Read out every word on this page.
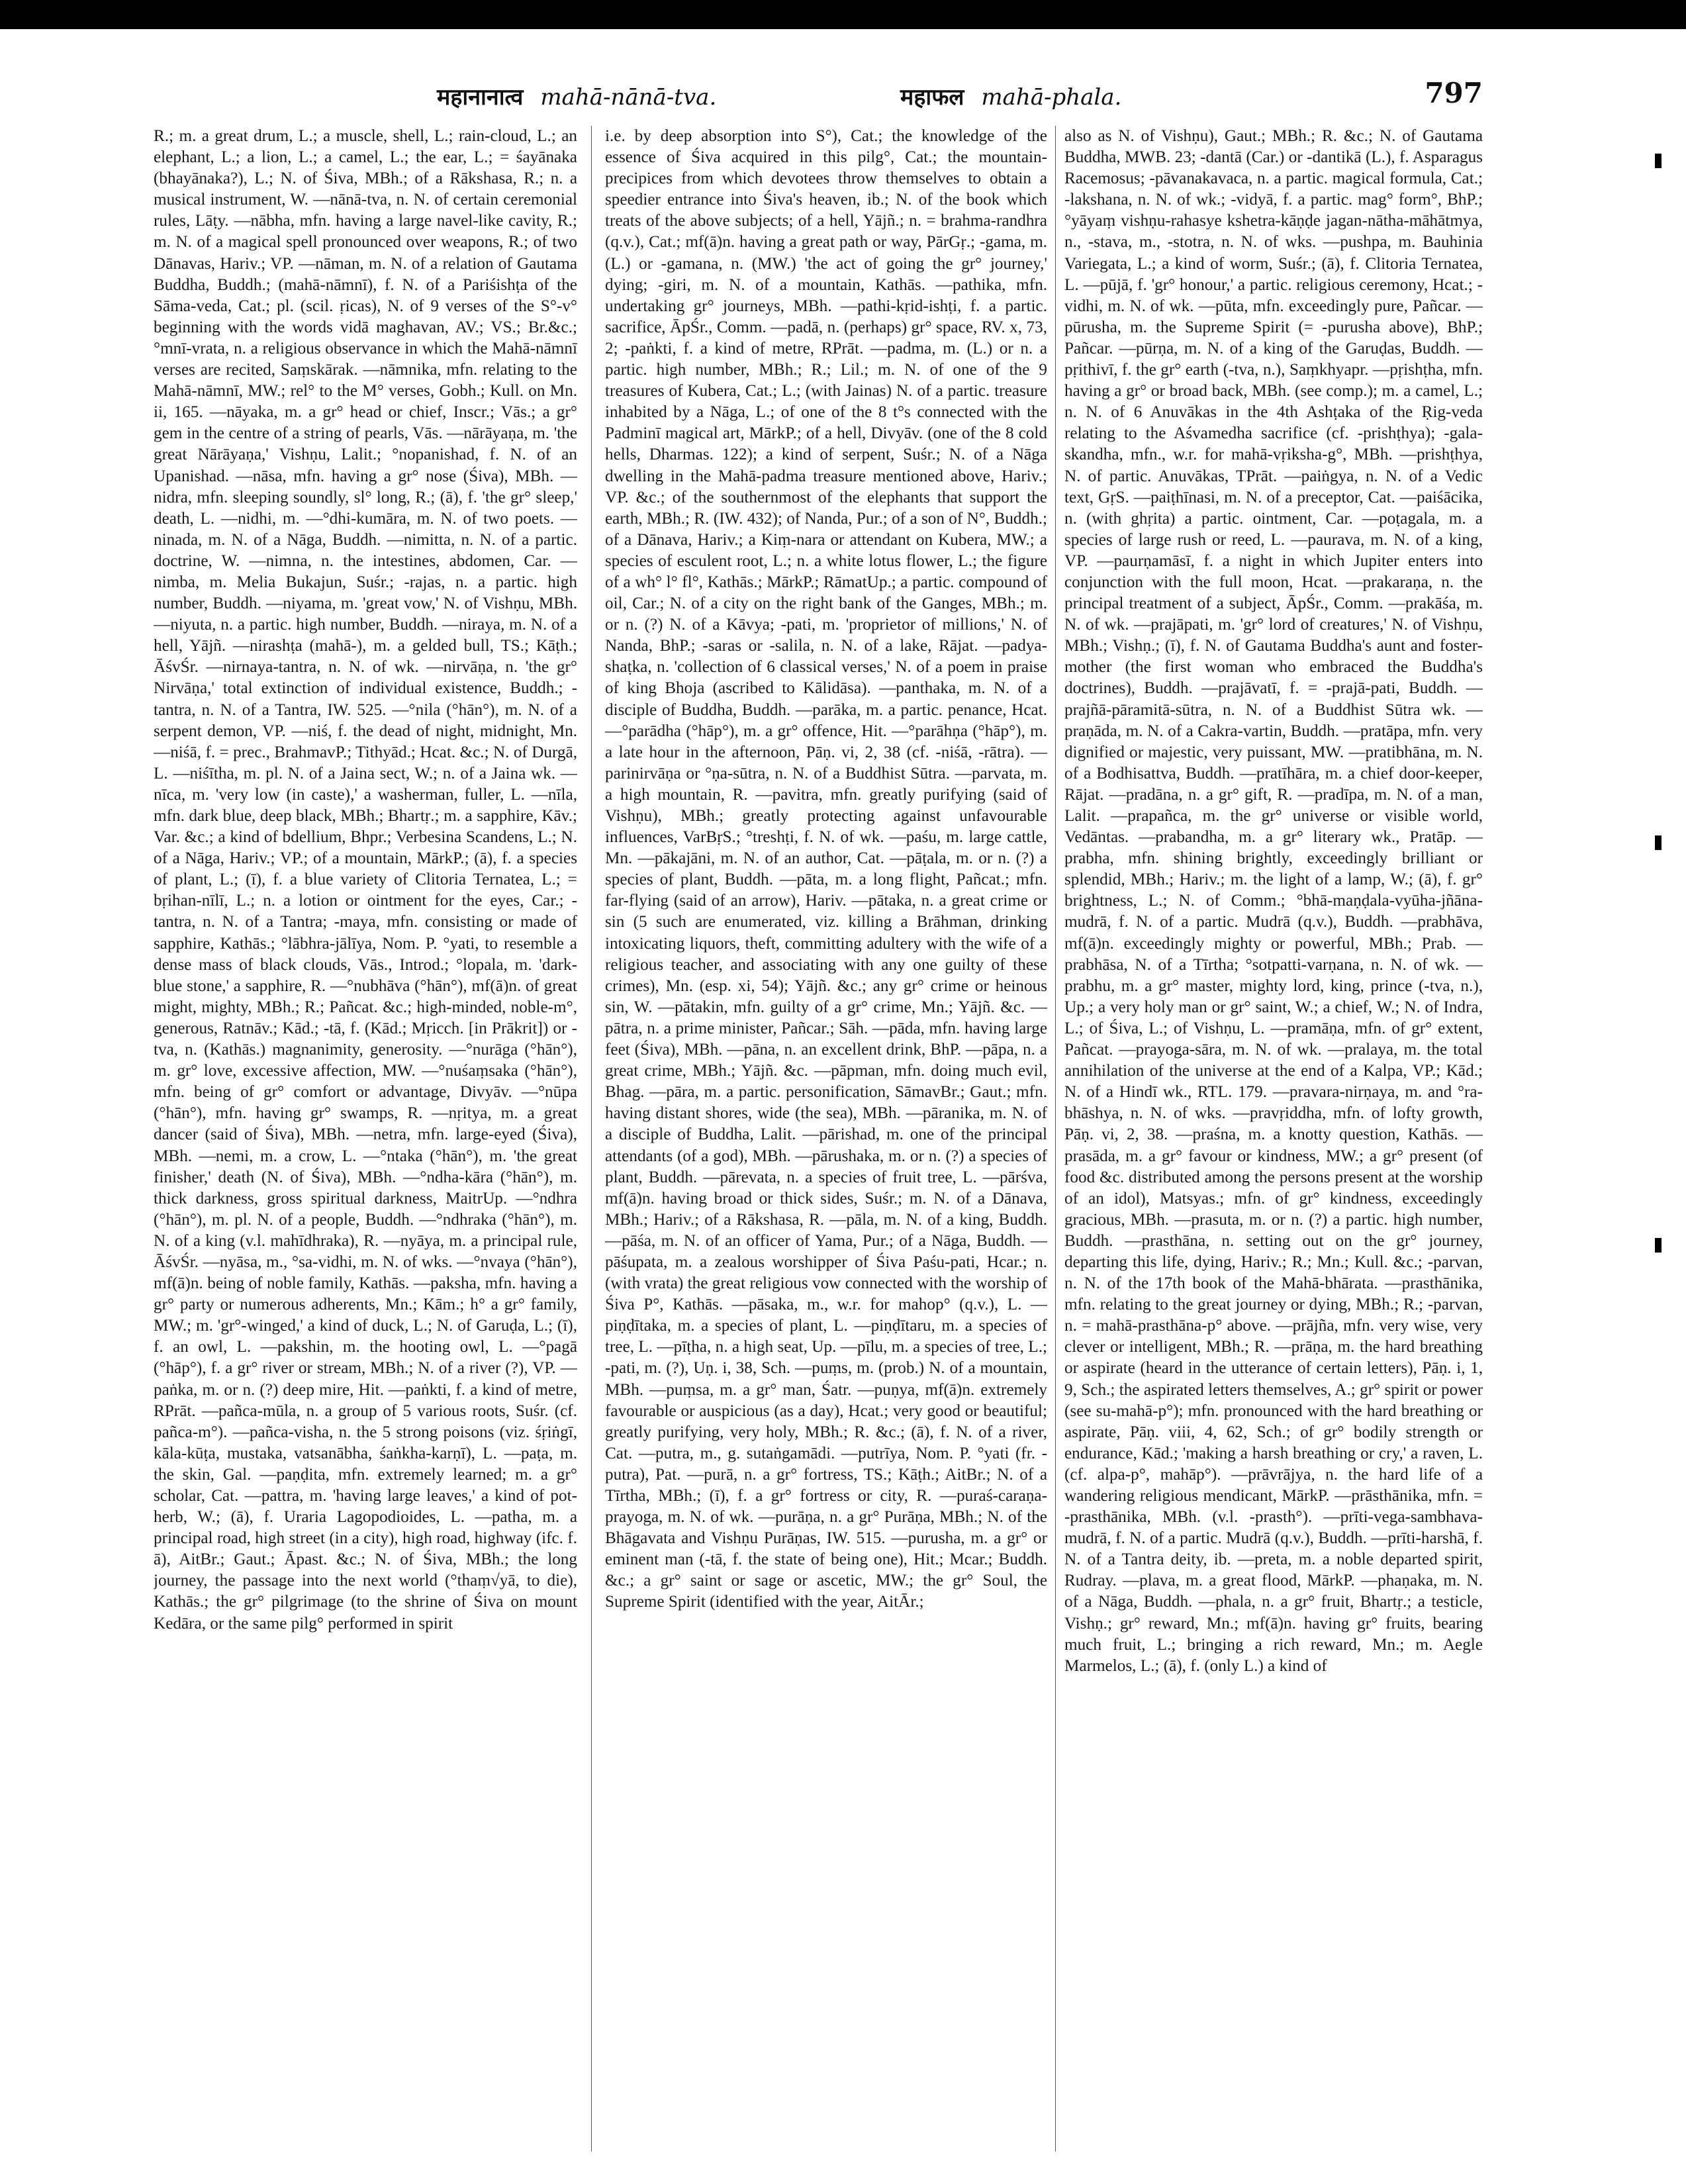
महानानात्व mahā-nānā-tva.	महाफल mahā-phala.	797
R.; m. a great drum, L.; a muscle, shell, L.; rain-cloud, L.; an elephant, L.; a lion, L.; a camel, L.; the ear, L.; = śayānaka (bhayānaka?), L.; N. of Śiva, MBh.; of a Rākshasa, R.; n. a musical instrument, W. —nānā-tva, n. N. of certain ceremonial rules, Lāṭy. —nābha, mfn. having a large navel-like cavity, R.; m. N. of a magical spell pronounced over weapons, R.; of two Dānavas, Hariv.; VP. —nāman, m. N. of a relation of Gautama Buddha, Buddh.; (mahā-nāmnī), f. N. of a Pariśishṭa of the Sāma-veda, Cat.; pl. (scil. ṛicas), N. of 9 verses of the S°-v° beginning with the words vidā maghavan, AV.; VS.; Br.&c.; °mnī-vrata, n. a religious observance in which the Mahā-nāmnī verses are recited, Saṃskārak. —nāmnika, mfn. relating to the Mahā-nāmnī, MW.; rel° to the M° verses, Gobh.; Kull. on Mn. ii, 165. —nāyaka, m. a gr° head or chief, Inscr.; Vās.; a gr° gem in the centre of a string of pearls, Vās. —nārāyaṇa, m. 'the great Nārāyaṇa,' Vishṇu, Lalit.; °nopanishad, f. N. of an Upanishad. —nāsa, mfn. having a gr° nose (Śiva), MBh. —nidra, mfn. sleeping soundly, sl° long, R.; (ā), f. 'the gr° sleep,' death, L. —nidhi, m. —°dhi-kumāra, m. N. of two poets. —ninada, m. N. of a Nāga, Buddh. —nimitta, n. N. of a partic. doctrine, W. —nimna, n. the intestines, abdomen, Car. —nimba, m. Melia Bukajun, Suśr.; -rajas, n. a partic. high number, Buddh. —niyama, m. 'great vow,' N. of Vishṇu, MBh. —niyuta, n. a partic. high number, Buddh. —niraya, m. N. of a hell, Yājñ. —nirashṭa (mahā-), m. a gelded bull, TS.; Kāṭh.; ĀśvŚr. —nirnaya-tantra, n. N. of wk. —nirvāṇa, n. 'the gr° Nirvāṇa,' total extinction of individual existence, Buddh.; -tantra, n. N. of a Tantra, IW. 525. —°nila (°hān°), m. N. of a serpent demon, VP. —niś, f. the dead of night, midnight, Mn. —niśā, f. = prec., BrahmavP.; Tithyād.; Hcat. &c.; N. of Durgā, L. —niśītha, m. pl. N. of a Jaina sect, W.; n. of a Jaina wk. —nīca, m. 'very low (in caste),' a washerman, fuller, L. —nīla, mfn. dark blue, deep black, MBh.; Bhartṛ.; m. a sapphire, Kāv.; Var. &c.; a kind of bdellium, Bhpr.; Verbesina Scandens, L.; N. of a Nāga, Hariv.; VP.; of a mountain, MārkP.; (ā), f. a species of plant, L.; (ī), f. a blue variety of Clitoria Ternatea, L.; = bṛihan-nīlī, L.; n. a lotion or ointment for the eyes, Car.; -tantra, n. N. of a Tantra; -maya, mfn. consisting or made of sapphire, Kathās.; °lābhra-jālīya, Nom. P. °yati, to resemble a dense mass of black clouds, Vās., Introd.; °lopala, m. 'dark-blue stone,' a sapphire, R. —°nubhāva (°hān°), mf(ā)n. of great might, mighty, MBh.; R.; Pañcat. &c.; high-minded, noble-m°, generous, Ratnāv.; Kād.; -tā, f. (Kād.; Mṛicch. [in Prākrit]) or -tva, n. (Kathās.) magnanimity, generosity. —°nurāga (°hān°), m. gr° love, excessive affection, MW. —°nuśaṃsaka (°hān°), mfn. being of gr° comfort or advantage, Divyāv. —°nūpa (°hān°), mfn. having gr° swamps, R. —nṛitya, m. a great dancer (said of Śiva), MBh. —netra, mfn. large-eyed (Śiva), MBh. —nemi, m. a crow, L. —°ntaka (°hān°), m. 'the great finisher,' death (N. of Śiva), MBh. —°ndha-kāra (°hān°), m. thick darkness, gross spiritual darkness, MaitrUp. —°ndhra (°hān°), m. pl. N. of a people, Buddh. —°ndhraka (°hān°), m. N. of a king (v.l. mahīdhraka), R. —nyāya, m. a principal rule, ĀśvŚr. —nyāsa, m., °sa-vidhi, m. N. of wks. —°nvaya (°hān°), mf(ā)n. being of noble family, Kathās. —paksha, mfn. having a gr° party or numerous adherents, Mn.; Kām.; h° a gr° family, MW.; m. 'gr°-winged,' a kind of duck, L.; N. of Garuḍa, L.; (ī), f. an owl, L. —pakshin, m. the hooting owl, L. —°pagā (°hāp°), f. a gr° river or stream, MBh.; N. of a river (?), VP. —paṅka, m. or n. (?) deep mire, Hit. —paṅkti, f. a kind of metre, RPrāt. —pañca-mūla, n. a group of 5 various roots, Suśr. (cf. pañca-m°). —pañca-visha, n. the 5 strong poisons (viz. śṛiṅgī, kāla-kūṭa, mustaka, vatsanābha, śaṅkha-karṇī), L. —paṭa, m. the skin, Gal. —paṇḍita, mfn. extremely learned; m. a gr° scholar, Cat. —pattra, m. 'having large leaves,' a kind of pot-herb, W.; (ā), f. Uraria Lagopodioides, L. —patha, m. a principal road, high street (in a city), high road, highway (ifc. f. ā), AitBr.; Gaut.; Āpast. &c.; N. of Śiva, MBh.; the long journey, the passage into the next world (°thaṃ√yā, to die), Kathās.; the gr° pilgrimage (to the shrine of Śiva on mount Kedāra, or the same pilg° performed in spirit
i.e. by deep absorption into S°), Cat.; the knowledge of the essence of Śiva acquired in this pilg°, Cat.; the mountain-precipices from which devotees throw themselves to obtain a speedier entrance into Śiva's heaven, ib.; N. of the book which treats of the above subjects; of a hell, Yājñ.; n. = brahma-randhra (q.v.), Cat.; mf(ā)n. having a great path or way, PārGṛ.; -gama, m. (L.) or -gamana, n. (MW.) 'the act of going the gr° journey,' dying; -giri, m. N. of a mountain, Kathās. —pathika, mfn. undertaking gr° journeys, MBh. —pathi-kṛid-ishṭi, f. a partic. sacrifice, ĀpŚr., Comm. —padā, n. (perhaps) gr° space, RV. x, 73, 2; -paṅkti, f. a kind of metre, RPrāt. —padma, m. (L.) or n. a partic. high number, MBh.; R.; Lil.; m. N. of one of the 9 treasures of Kubera, Cat.; L.; (with Jainas) N. of a partic. treasure inhabited by a Nāga, L.; of one of the 8 t°s connected with the Padminī magical art, MārkP.; of a hell, Divyāv. (one of the 8 cold hells, Dharmas. 122); a kind of serpent, Suśr.; N. of a Nāga dwelling in the Mahā-padma treasure mentioned above, Hariv.; VP. &c.; of the southernmost of the elephants that support the earth, MBh.; R. (IW. 432); of Nanda, Pur.; of a son of N°, Buddh.; of a Dānava, Hariv.; a Kiṃ-nara or attendant on Kubera, MW.; a species of esculent root, L.; n. a white lotus flower, L.; the figure of a wh° l° fl°, Kathās.; MārkP.; RāmatUp.; a partic. compound of oil, Car.; N. of a city on the right bank of the Ganges, MBh.; m. or n. (?) N. of a Kāvya; -pati, m. 'proprietor of millions,' N. of Nanda, BhP.; -saras or -salila, n. N. of a lake, Rājat. —padya-shaṭka, n. 'collection of 6 classical verses,' N. of a poem in praise of king Bhoja (ascribed to Kālidāsa). —panthaka, m. N. of a disciple of Buddha, Buddh. —parāka, m. a partic. penance, Hcat. —°parādha (°hāp°), m. a gr° offence, Hit. —°parāhṇa (°hāp°), m. a late hour in the afternoon, Pāṇ. vi, 2, 38 (cf. -niśā, -rātra). —parinirvāṇa or °ṇa-sūtra, n. N. of a Buddhist Sūtra. —parvata, m. a high mountain, R. —pavitra, mfn. greatly purifying (said of Vishṇu), MBh.; greatly protecting against unfavourable influences, VarBṛS.; °treshṭi, f. N. of wk. —paśu, m. large cattle, Mn. —pākajāni, m. N. of an author, Cat. —pāṭala, m. or n. (?) a species of plant, Buddh. —pāta, m. a long flight, Pañcat.; mfn. far-flying (said of an arrow), Hariv. —pātaka, n. a great crime or sin (5 such are enumerated, viz. killing a Brāhman, drinking intoxicating liquors, theft, committing adultery with the wife of a religious teacher, and associating with any one guilty of these crimes), Mn. (esp. xi, 54); Yājñ. &c.; any gr° crime or heinous sin, W. —pātakin, mfn. guilty of a gr° crime, Mn.; Yājñ. &c. —pātra, n. a prime minister, Pañcar.; Sāh. —pāda, mfn. having large feet (Śiva), MBh. —pāna, n. an excellent drink, BhP. —pāpa, n. a great crime, MBh.; Yājñ. &c. —pāpman, mfn. doing much evil, Bhag. —pāra, m. a partic. personification, SāmavBr.; Gaut.; mfn. having distant shores, wide (the sea), MBh. —pāranika, m. N. of a disciple of Buddha, Lalit. —pārishad, m. one of the principal attendants (of a god), MBh. —pārushaka, m. or n. (?) a species of plant, Buddh. —pārevata, n. a species of fruit tree, L. —pārśva, mf(ā)n. having broad or thick sides, Suśr.; m. N. of a Dānava, MBh.; Hariv.; of a Rākshasa, R. —pāla, m. N. of a king, Buddh. —pāśa, m. N. of an officer of Yama, Pur.; of a Nāga, Buddh. —pāśupata, m. a zealous worshipper of Śiva Paśu-pati, Hcar.; n. (with vrata) the great religious vow connected with the worship of Śiva P°, Kathās. —pāsaka, m., w.r. for mahop° (q.v.), L. —piṇḍītaka, m. a species of plant, L. —piṇḍītaru, m. a species of tree, L. —pīṭha, n. a high seat, Up. —pīlu, m. a species of tree, L.; -pati, m. (?), Uṇ. i, 38, Sch. —puṃs, m. (prob.) N. of a mountain, MBh. —puṃsa, m. a gr° man, Śatr. —puṇya, mf(ā)n. extremely favourable or auspicious (as a day), Hcat.; very good or beautiful; greatly purifying, very holy, MBh.; R. &c.; (ā), f. N. of a river, Cat. —putra, m., g. sutaṅgamādi. —putrīya, Nom. P. °yati (fr. -putra), Pat. —purā, n. a gr° fortress, TS.; Kāṭh.; AitBr.; N. of a Tīrtha, MBh.; (ī), f. a gr° fortress or city, R. —puraś-caraṇa-prayoga, m. N. of wk. —purāṇa, n. a gr° Purāṇa, MBh.; N. of the Bhāgavata and Vishṇu Purāṇas, IW. 515. —purusha, m. a gr° or eminent man (-tā, f. the state of being one), Hit.; Mcar.; Buddh. &c.; a gr° saint or sage or ascetic, MW.; the gr° Soul, the Supreme Spirit (identified with the year, AitĀr.;
also as N. of Vishṇu), Gaut.; MBh.; R. &c.; N. of Gautama Buddha, MWB. 23; -dantā (Car.) or -dantikā (L.), f. Asparagus Racemosus; -pāvanakavaca, n. a partic. magical formula, Cat.; -lakshana, n. N. of wk.; -vidyā, f. a partic. mag° form°, BhP.; °yāyaṃ vishṇu-rahasye kshetra-kāṇḍe jagan-nātha-māhātmya, n., -stava, m., -stotra, n. N. of wks. —pushpa, m. Bauhinia Variegata, L.; a kind of worm, Suśr.; (ā), f. Clitoria Ternatea, L. —pūjā, f. 'gr° honour,' a partic. religious ceremony, Hcat.; -vidhi, m. N. of wk. —pūta, mfn. exceedingly pure, Pañcar. —pūrusha, m. the Supreme Spirit (= -purusha above), BhP.; Pañcar. —pūrṇa, m. N. of a king of the Garuḍas, Buddh. —pṛithivī, f. the gr° earth (-tva, n.), Saṃkhyapr. —pṛishṭha, mfn. having a gr° or broad back, MBh. (see comp.); m. a camel, L.; n. N. of 6 Anuvākas in the 4th Ashṭaka of the Ṛig-veda relating to the Aśvamedha sacrifice (cf. -prishṭhya); -gala-skandha, mfn., w.r. for mahā-vṛiksha-g°, MBh. —prishṭhya, N. of partic. Anuvākas, TPrāt. —paiṅgya, n. N. of a Vedic text, GṛS. —paiṭhīnasi, m. N. of a preceptor, Cat. —paiśācika, n. (with ghṛita) a partic. ointment, Car. —poṭagala, m. a species of large rush or reed, L. —paurava, m. N. of a king, VP. —paurṇamāsī, f. a night in which Jupiter enters into conjunction with the full moon, Hcat. —prakaraṇa, n. the principal treatment of a subject, ĀpŚr., Comm. —prakāśa, m. N. of wk. —prajāpati, m. 'gr° lord of creatures,' N. of Vishṇu, MBh.; Vishṇ.; (ī), f. N. of Gautama Buddha's aunt and foster-mother (the first woman who embraced the Buddha's doctrines), Buddh. —prajāvatī, f. = -prajā-pati, Buddh. —prajñā-pāramitā-sūtra, n. N. of a Buddhist Sūtra wk. —praṇāda, m. N. of a Cakra-vartin, Buddh. —pratāpa, mfn. very dignified or majestic, very puissant, MW. —pratibhāna, m. N. of a Bodhisattva, Buddh. —pratīhāra, m. a chief door-keeper, Rājat. —pradāna, n. a gr° gift, R. —pradīpa, m. N. of a man, Lalit. —prapañca, m. the gr° universe or visible world, Vedāntas. —prabandha, m. a gr° literary wk., Pratāp. —prabha, mfn. shining brightly, exceedingly brilliant or splendid, MBh.; Hariv.; m. the light of a lamp, W.; (ā), f. gr° brightness, L.; N. of Comm.; °bhā-maṇḍala-vyūha-jñāna-mudrā, f. N. of a partic. Mudrā (q.v.), Buddh. —prabhāva, mf(ā)n. exceedingly mighty or powerful, MBh.; Prab. —prabhāsa, N. of a Tīrtha; °sotpatti-varṇana, n. N. of wk. —prabhu, m. a gr° master, mighty lord, king, prince (-tva, n.), Up.; a very holy man or gr° saint, W.; a chief, W.; N. of Indra, L.; of Śiva, L.; of Vishṇu, L. —pramāṇa, mfn. of gr° extent, Pañcat. —prayoga-sāra, m. N. of wk. —pralaya, m. the total annihilation of the universe at the end of a Kalpa, VP.; Kād.; N. of a Hindī wk., RTL. 179. —pravara-nirṇaya, m. and °ra-bhāshya, n. N. of wks. —pravṛiddha, mfn. of lofty growth, Pāṇ. vi, 2, 38. —praśna, m. a knotty question, Kathās. —prasāda, m. a gr° favour or kindness, MW.; a gr° present (of food &c. distributed among the persons present at the worship of an idol), Matsyas.; mfn. of gr° kindness, exceedingly gracious, MBh. —prasuta, m. or n. (?) a partic. high number, Buddh. —prasthāna, n. setting out on the gr° journey, departing this life, dying, Hariv.; R.; Mn.; Kull. &c.; -parvan, n. N. of the 17th book of the Mahā-bhārata. —prasthānika, mfn. relating to the great journey or dying, MBh.; R.; -parvan, n. = mahā-prasthāna-p° above. —prājña, mfn. very wise, very clever or intelligent, MBh.; R. —prāṇa, m. the hard breathing or aspirate (heard in the utterance of certain letters), Pāṇ. i, 1, 9, Sch.; the aspirated letters themselves, A.; gr° spirit or power (see su-mahā-p°); mfn. pronounced with the hard breathing or aspirate, Pāṇ. viii, 4, 62, Sch.; of gr° bodily strength or endurance, Kād.; 'making a harsh breathing or cry,' a raven, L. (cf. alpa-p°, mahāp°). —prāvrājya, n. the hard life of a wandering religious mendicant, MārkP. —prāsthānika, mfn. = -prasthānika, MBh. (v.l. -prasth°). —prīti-vega-sambhava-mudrā, f. N. of a partic. Mudrā (q.v.), Buddh. —prīti-harshā, f. N. of a Tantra deity, ib. —preta, m. a noble departed spirit, Rudray. —plava, m. a great flood, MārkP. —phaṇaka, m. N. of a Nāga, Buddh. —phala, n. a gr° fruit, Bhartṛ.; a testicle, Vishṇ.; gr° reward, Mn.; mf(ā)n. having gr° fruits, bearing much fruit, L.; bringing a rich reward, Mn.; m. Aegle Marmelos, L.; (ā), f. (only L.) a kind of
